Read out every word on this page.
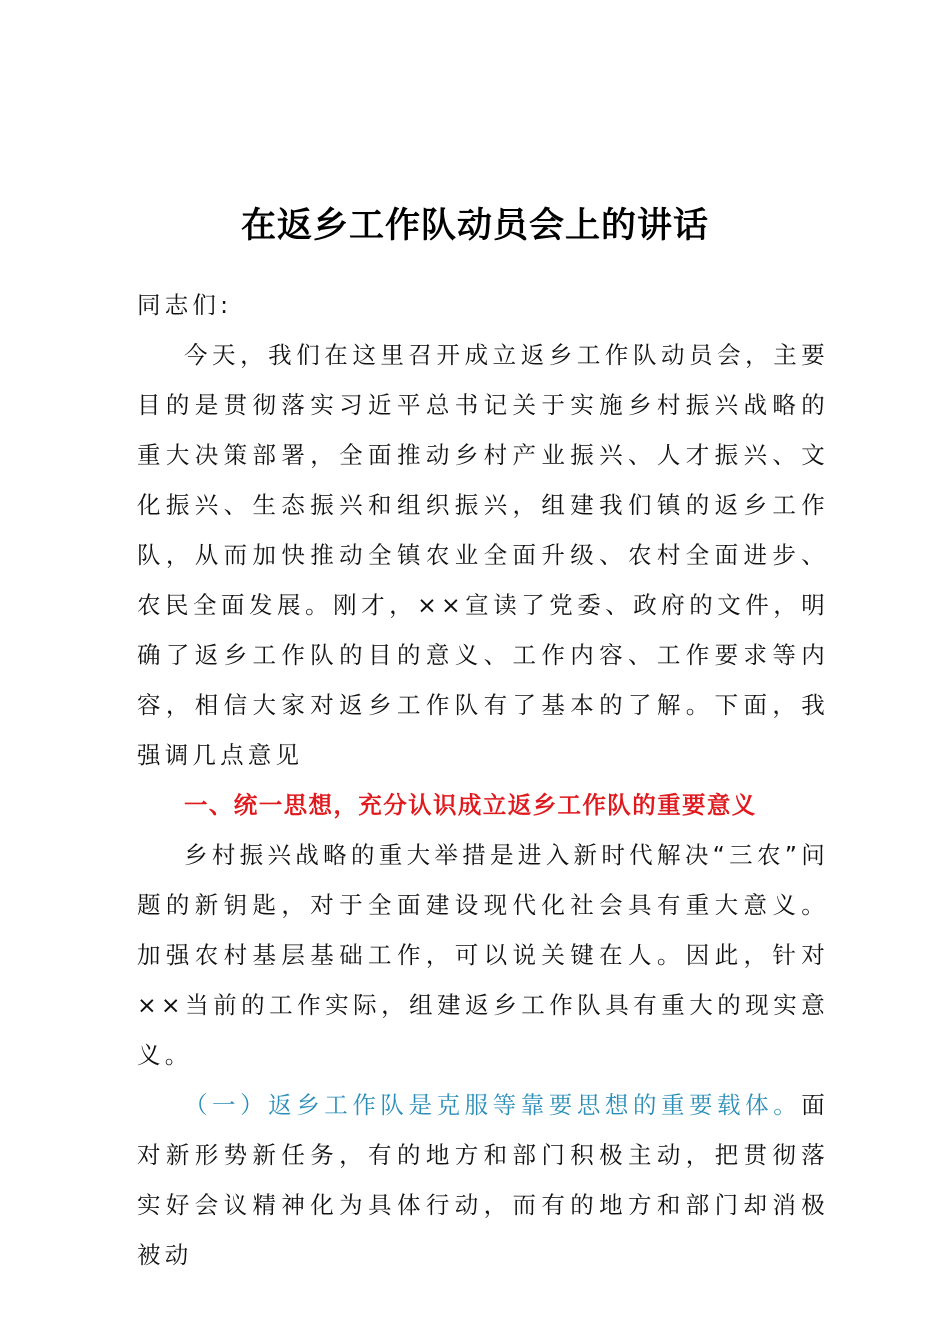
在返乡工作队动员会上的讲话

同志们:

今天，我们在这里召开成立返乡工作队动员会，主要目的是贯彻落实习近平总书记关于实施乡村振兴战略的重大决策部署，全面推动乡村产业振兴、人才振兴、文化振兴、生态振兴和组织振兴，组建我们镇的返乡工作队，从而加快推动全镇农业全面升级、农村全面进步、农民全面发展。刚才，××宣读了党委、政府的文件，明确了返乡工作队的目的意义、工作内容、工作要求等内容，相信大家对返乡工作队有了基本的了解。下面，我强调几点意见

一、统一思想，充分认识成立返乡工作队的重要意义

乡村振兴战略的重大举措是进入新时代解决“三农”问题的新钥匙，对于全面建设现代化社会具有重大意义。加强农村基层基础工作，可以说关键在人。因此，针对××当前的工作实际，组建返乡工作队具有重大的现实意义。

（一）返乡工作队是克服等靠要思想的重要载体。面对新形势新任务，有的地方和部门积极主动，把贯彻落实好会议精神化为具体行动，而有的地方和部门却消极被动
